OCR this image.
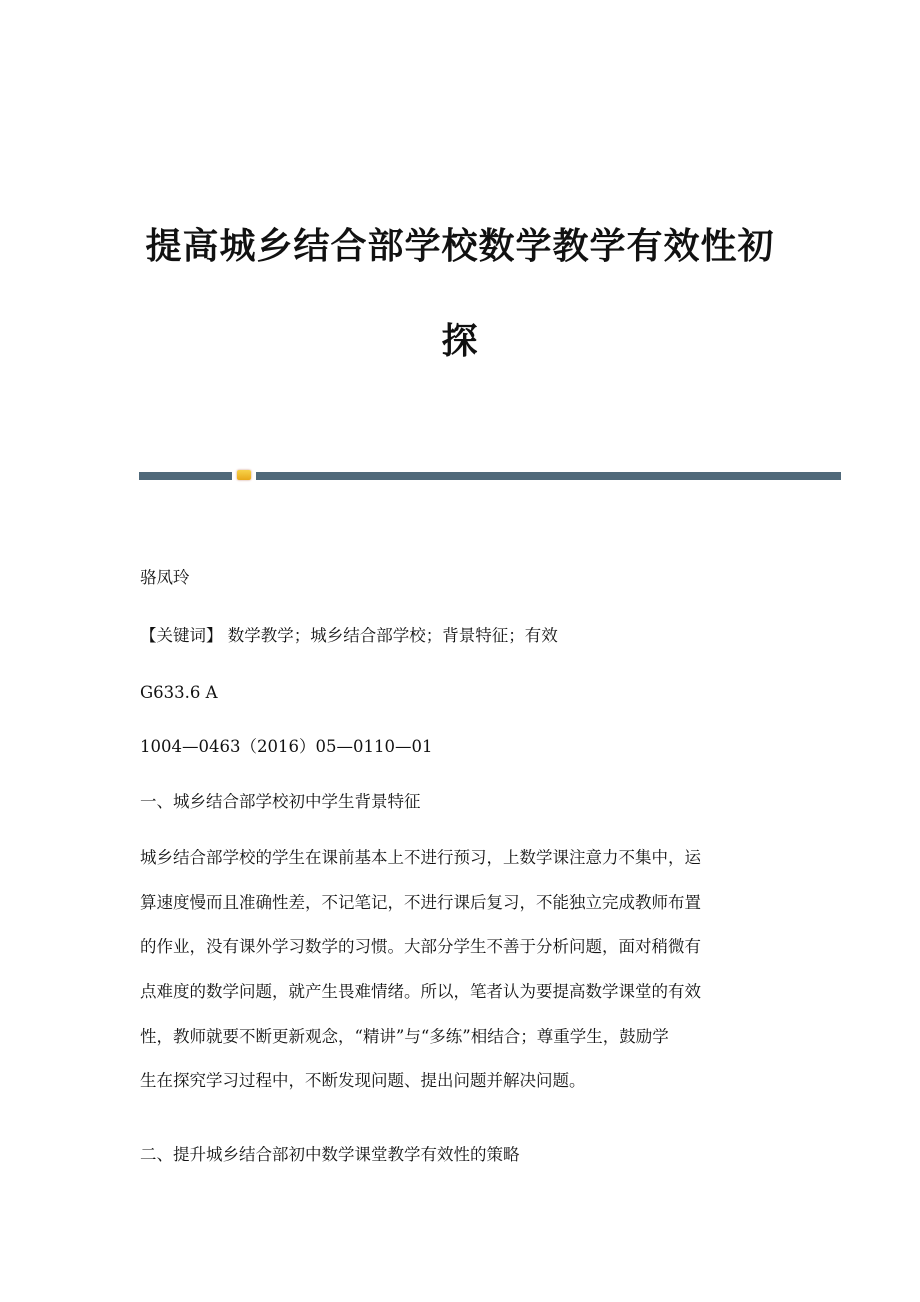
提高城乡结合部学校数学教学有效性初
探
骆凤玲
【关键词】 数学教学；城乡结合部学校；背景特征；有效
G633.6 A
1004—0463（2016）05—0110—01
一、城乡结合部学校初中学生背景特征
城乡结合部学校的学生在课前基本上不进行预习，上数学课注意力不集中，运
算速度慢而且准确性差，不记笔记，不进行课后复习，不能独立完成教师布置
的作业，没有课外学习数学的习惯。大部分学生不善于分析问题，面对稍微有
点难度的数学问题，就产生畏难情绪。所以，笔者认为要提高数学课堂的有效
性，教师就要不断更新观念，“精讲”与“多练”相结合；尊重学生，鼓励学
生在探究学习过程中，不断发现问题、提出问题并解决问题。
二、提升城乡结合部初中数学课堂教学有效性的策略
